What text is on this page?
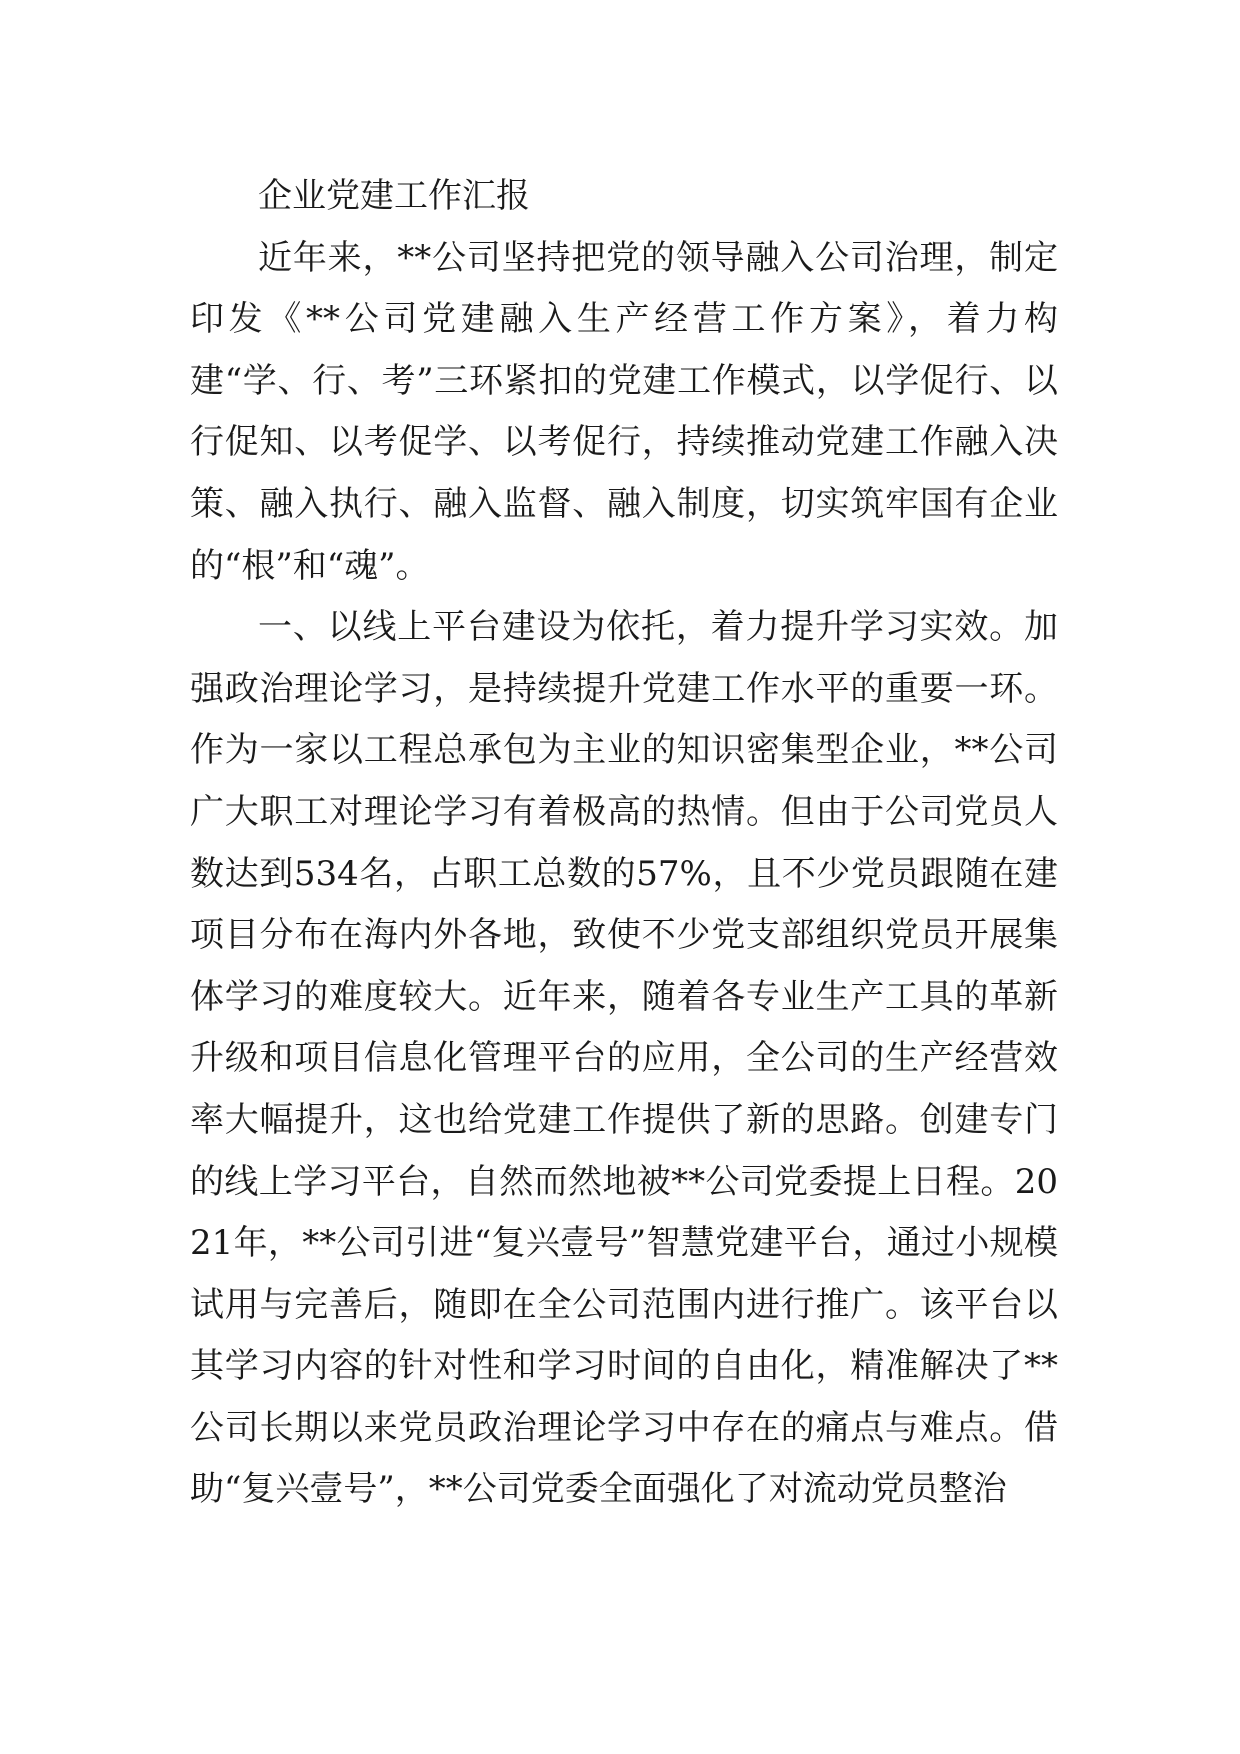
企业党建工作汇报

近年来，**公司坚持把党的领导融入公司治理，制定印发《**公司党建融入生产经营工作方案》，着力构建“学、行、考”三环紧扣的党建工作模式，以学促行、以行促知、以考促学、以考促行，持续推动党建工作融入决策、融入执行、融入监督、融入制度，切实筑牢国有企业的“根”和“魂”。

一、以线上平台建设为依托，着力提升学习实效。加强政治理论学习，是持续提升党建工作水平的重要一环。作为一家以工程总承包为主业的知识密集型企业，**公司广大职工对理论学习有着极高的热情。但由于公司党员人数达到534名，占职工总数的57%，且不少党员跟随在建项目分布在海内外各地，致使不少党支部组织党员开展集体学习的难度较大。近年来，随着各专业生产工具的革新升级和项目信息化管理平台的应用，全公司的生产经营效率大幅提升，这也给党建工作提供了新的思路。创建专门的线上学习平台，自然而然地被**公司党委提上日程。2021年，**公司引进“复兴壹号”智慧党建平台，通过小规模试用与完善后，随即在全公司范围内进行推广。该平台以其学习内容的针对性和学习时间的自由化，精准解决了**公司长期以来党员政治理论学习中存在的痛点与难点。借助“复兴壹号”，**公司党委全面强化了对流动党员整治
